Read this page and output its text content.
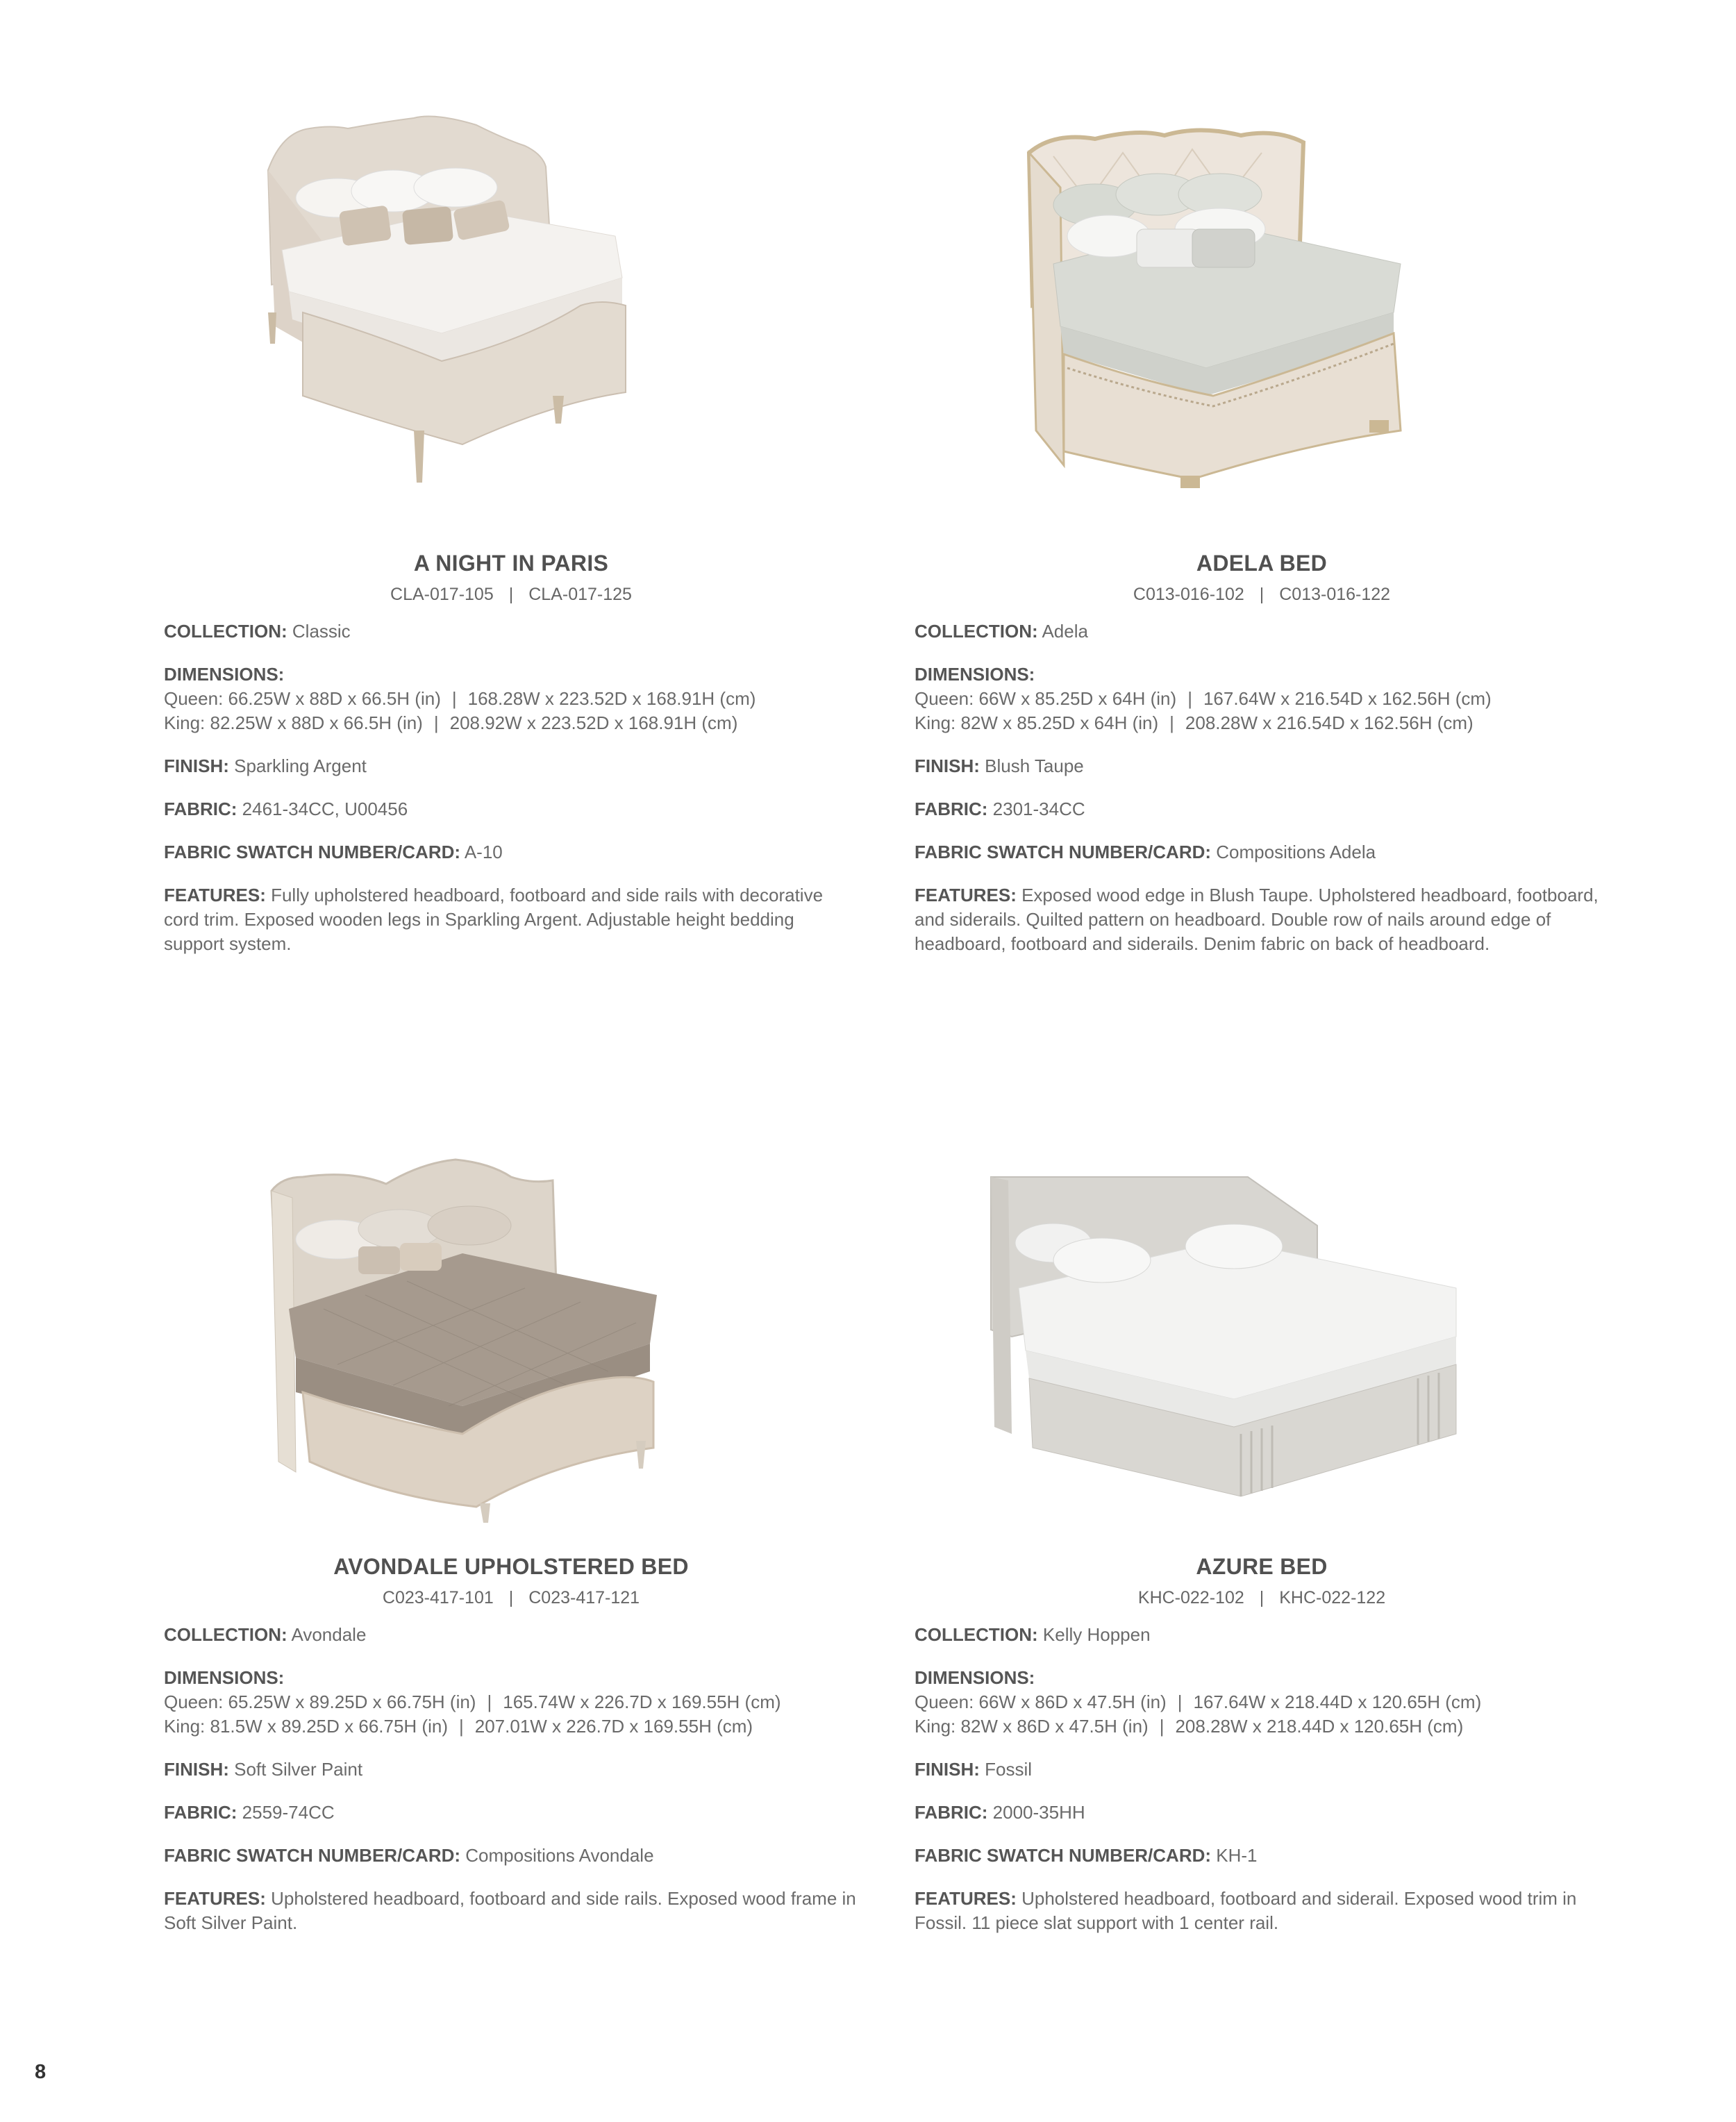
A NIGHT IN PARIS
CLA-017-105 | CLA-017-125
COLLECTION: Classic
DIMENSIONS:
Queen: 66.25W x 88D x 66.5H (in) | 168.28W x 223.52D x 168.91H (cm)
King: 82.25W x 88D x 66.5H (in) | 208.92W x 223.52D x 168.91H (cm)
FINISH: Sparkling Argent
FABRIC: 2461-34CC, U00456
FABRIC SWATCH NUMBER/CARD: A-10
FEATURES: Fully upholstered headboard, footboard and side rails with decorative cord trim. Exposed wooden legs in Sparkling Argent. Adjustable height bedding support system.
ADELA BED
C013-016-102 | C013-016-122
COLLECTION: Adela
DIMENSIONS:
Queen: 66W x 85.25D x 64H (in) | 167.64W x 216.54D x 162.56H (cm)
King: 82W x 85.25D x 64H (in) | 208.28W x 216.54D x 162.56H (cm)
FINISH: Blush Taupe
FABRIC: 2301-34CC
FABRIC SWATCH NUMBER/CARD: Compositions Adela
FEATURES: Exposed wood edge in Blush Taupe. Upholstered headboard, footboard, and siderails. Quilted pattern on headboard. Double row of nails around edge of headboard, footboard and siderails. Denim fabric on back of headboard.
AVONDALE UPHOLSTERED BED
C023-417-101 | C023-417-121
COLLECTION: Avondale
DIMENSIONS:
Queen: 65.25W x 89.25D x 66.75H (in) | 165.74W x 226.7D x 169.55H (cm)
King: 81.5W x 89.25D x 66.75H (in) | 207.01W x 226.7D x 169.55H (cm)
FINISH: Soft Silver Paint
FABRIC: 2559-74CC
FABRIC SWATCH NUMBER/CARD: Compositions Avondale
FEATURES: Upholstered headboard, footboard and side rails. Exposed wood frame in Soft Silver Paint.
AZURE BED
KHC-022-102 | KHC-022-122
COLLECTION: Kelly Hoppen
DIMENSIONS:
Queen: 66W x 86D x 47.5H (in) | 167.64W x 218.44D x 120.65H (cm)
King: 82W x 86D x 47.5H (in) | 208.28W x 218.44D x 120.65H (cm)
FINISH: Fossil
FABRIC: 2000-35HH
FABRIC SWATCH NUMBER/CARD: KH-1
FEATURES: Upholstered headboard, footboard and siderail. Exposed wood trim in Fossil. 11 piece slat support with 1 center rail.
8
